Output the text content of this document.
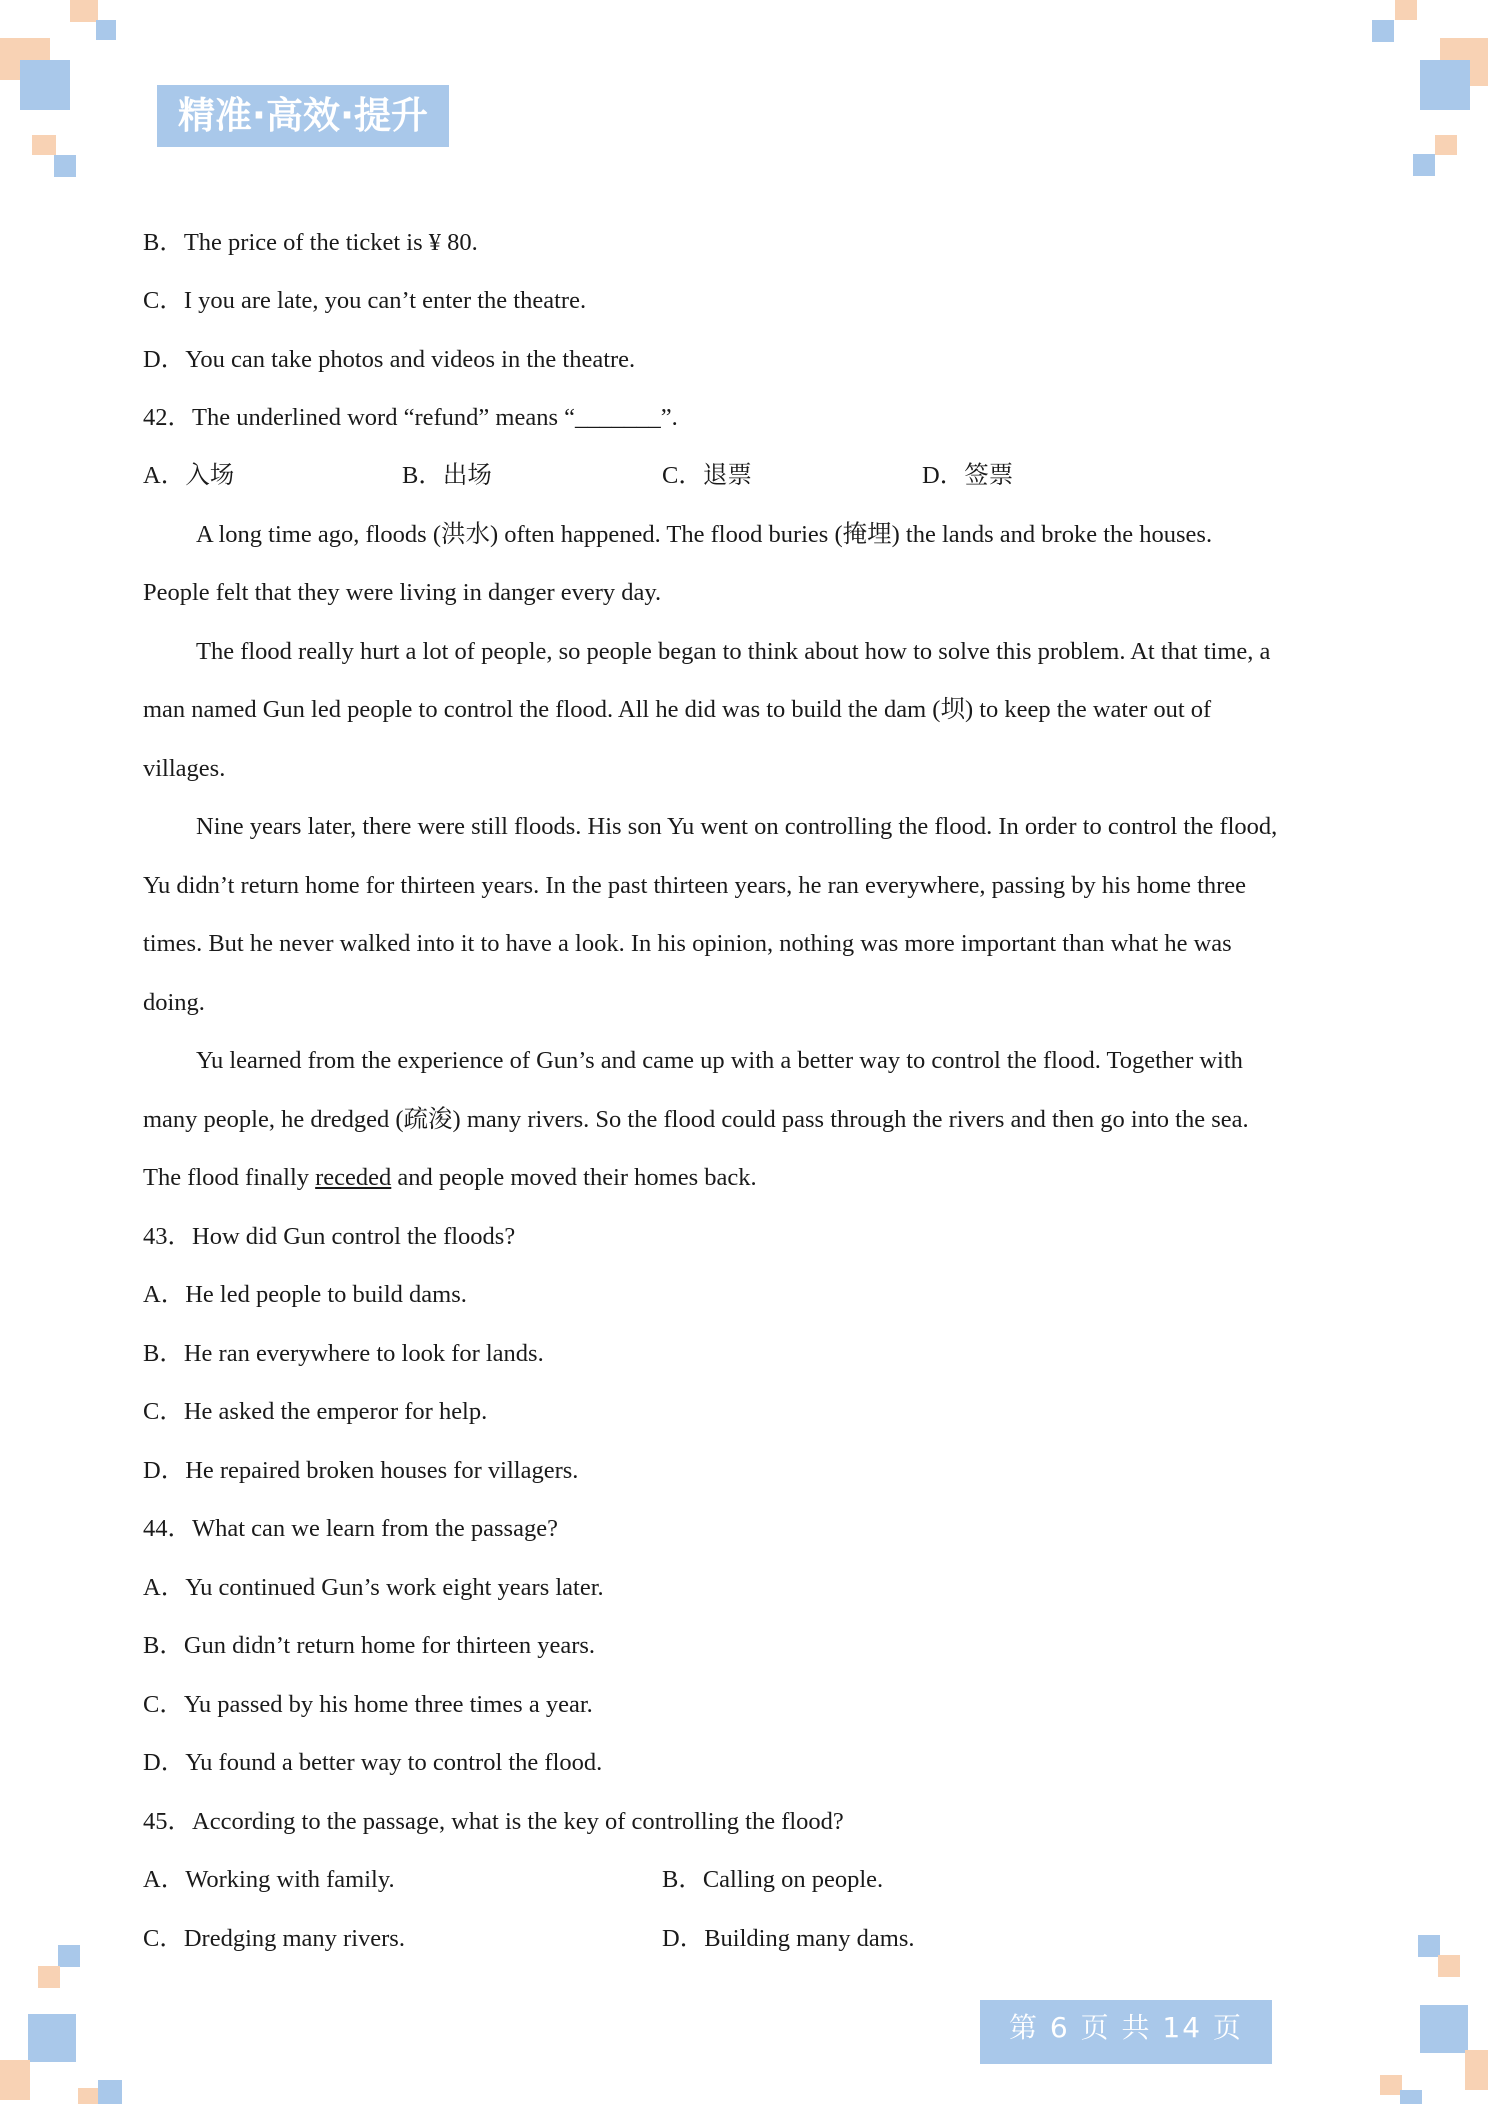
精准·高效·提升
B．The price of the ticket is ¥ 80.
C．I you are late, you can’t enter the theatre.
D．You can take photos and videos in the theatre.
42．The underlined word “refund” means “_______”.
A．入场	B．出场	C．退票	D．签票
A long time ago, floods (洪水) often happened. The flood buries (掩埋) the lands and broke the houses.
People felt that they were living in danger every day.
The flood really hurt a lot of people, so people began to think about how to solve this problem. At that time, a
man named Gun led people to control the flood. All he did was to build the dam (坝) to keep the water out of
villages.
Nine years later, there were still floods. His son Yu went on controlling the flood. In order to control the flood,
Yu didn’t return home for thirteen years. In the past thirteen years, he ran everywhere, passing by his home three
times. But he never walked into it to have a look. In his opinion, nothing was more important than what he was
doing.
Yu learned from the experience of Gun’s and came up with a better way to control the flood. Together with
many people, he dredged (疏浚) many rivers. So the flood could pass through the rivers and then go into the sea.
The flood finally receded and people moved their homes back.
43．How did Gun control the floods?
A．He led people to build dams.
B．He ran everywhere to look for lands.
C．He asked the emperor for help.
D．He repaired broken houses for villagers.
44．What can we learn from the passage?
A．Yu continued Gun’s work eight years later.
B．Gun didn’t return home for thirteen years.
C．Yu passed by his home three times a year.
D．Yu found a better way to control the flood.
45．According to the passage, what is the key of controlling the flood?
A．Working with family.	B．Calling on people.
C．Dredging many rivers.	D．Building many dams.
第 6 页 共 14 页
